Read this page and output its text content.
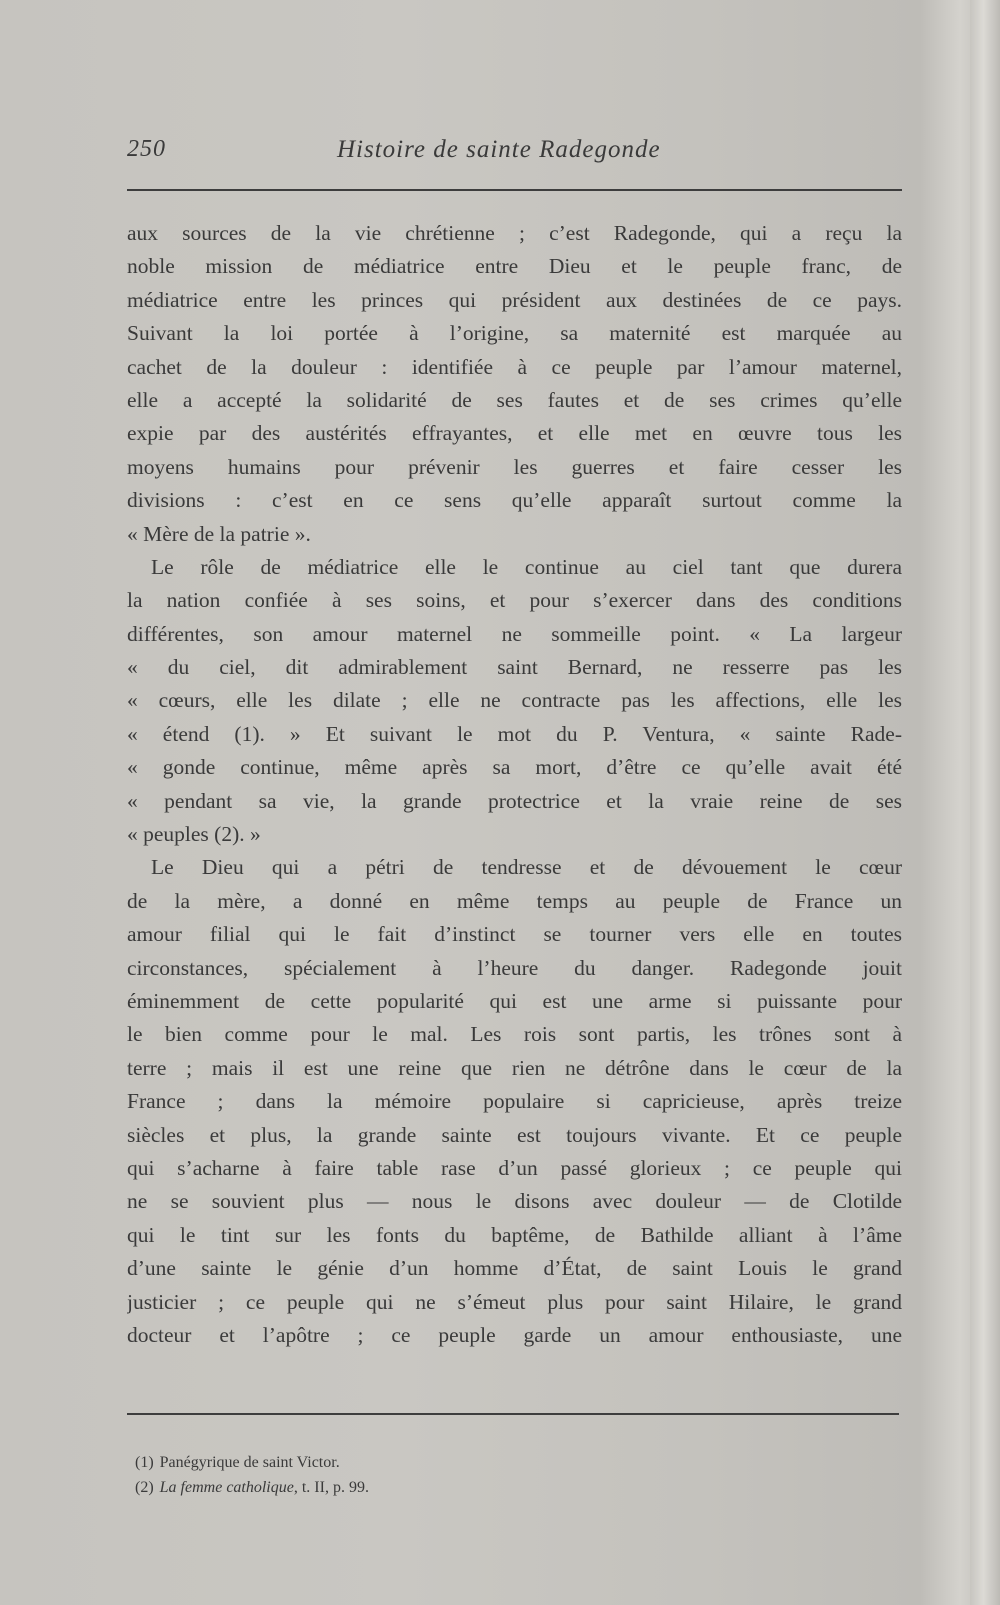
250	Histoire de sainte Radegonde
aux sources de la vie chrétienne ; c’est Radegonde, qui a reçu la
noble mission de médiatrice entre Dieu et le peuple franc, de
médiatrice entre les princes qui président aux destinées de ce pays.
Suivant la loi portée à l’origine, sa maternité est marquée au
cachet de la douleur : identifiée à ce peuple par l’amour maternel,
elle a accepté la solidarité de ses fautes et de ses crimes qu’elle
expie par des austérités effrayantes, et elle met en œuvre tous les
moyens humains pour prévenir les guerres et faire cesser les
divisions : c’est en ce sens qu’elle apparaît surtout comme la
« Mère de la patrie ».
Le rôle de médiatrice elle le continue au ciel tant que durera
la nation confiée à ses soins, et pour s’exercer dans des conditions
différentes, son amour maternel ne sommeille point. « La largeur
« du ciel, dit admirablement saint Bernard, ne resserre pas les
« cœurs, elle les dilate ; elle ne contracte pas les affections, elle les
« étend (1). » Et suivant le mot du P. Ventura, « sainte Rade-
« gonde continue, même après sa mort, d’être ce qu’elle avait été
« pendant sa vie, la grande protectrice et la vraie reine de ses
« peuples (2). »
Le Dieu qui a pétri de tendresse et de dévouement le cœur
de la mère, a donné en même temps au peuple de France un
amour filial qui le fait d’instinct se tourner vers elle en toutes
circonstances, spécialement à l’heure du danger. Radegonde jouit
éminemment de cette popularité qui est une arme si puissante pour
le bien comme pour le mal. Les rois sont partis, les trônes sont à
terre ; mais il est une reine que rien ne détrône dans le cœur de la
France ; dans la mémoire populaire si capricieuse, après treize
siècles et plus, la grande sainte est toujours vivante. Et ce peuple
qui s’acharne à faire table rase d’un passé glorieux ; ce peuple qui
ne se souvient plus — nous le disons avec douleur — de Clotilde
qui le tint sur les fonts du baptême, de Bathilde alliant à l’âme
d’une sainte le génie d’un homme d’État, de saint Louis le grand
justicier ; ce peuple qui ne s’émeut plus pour saint Hilaire, le grand
docteur et l’apôtre ; ce peuple garde un amour enthousiaste, une
(1) Panégyrique de saint Victor.
(2) La femme catholique, t. II, p. 99.
